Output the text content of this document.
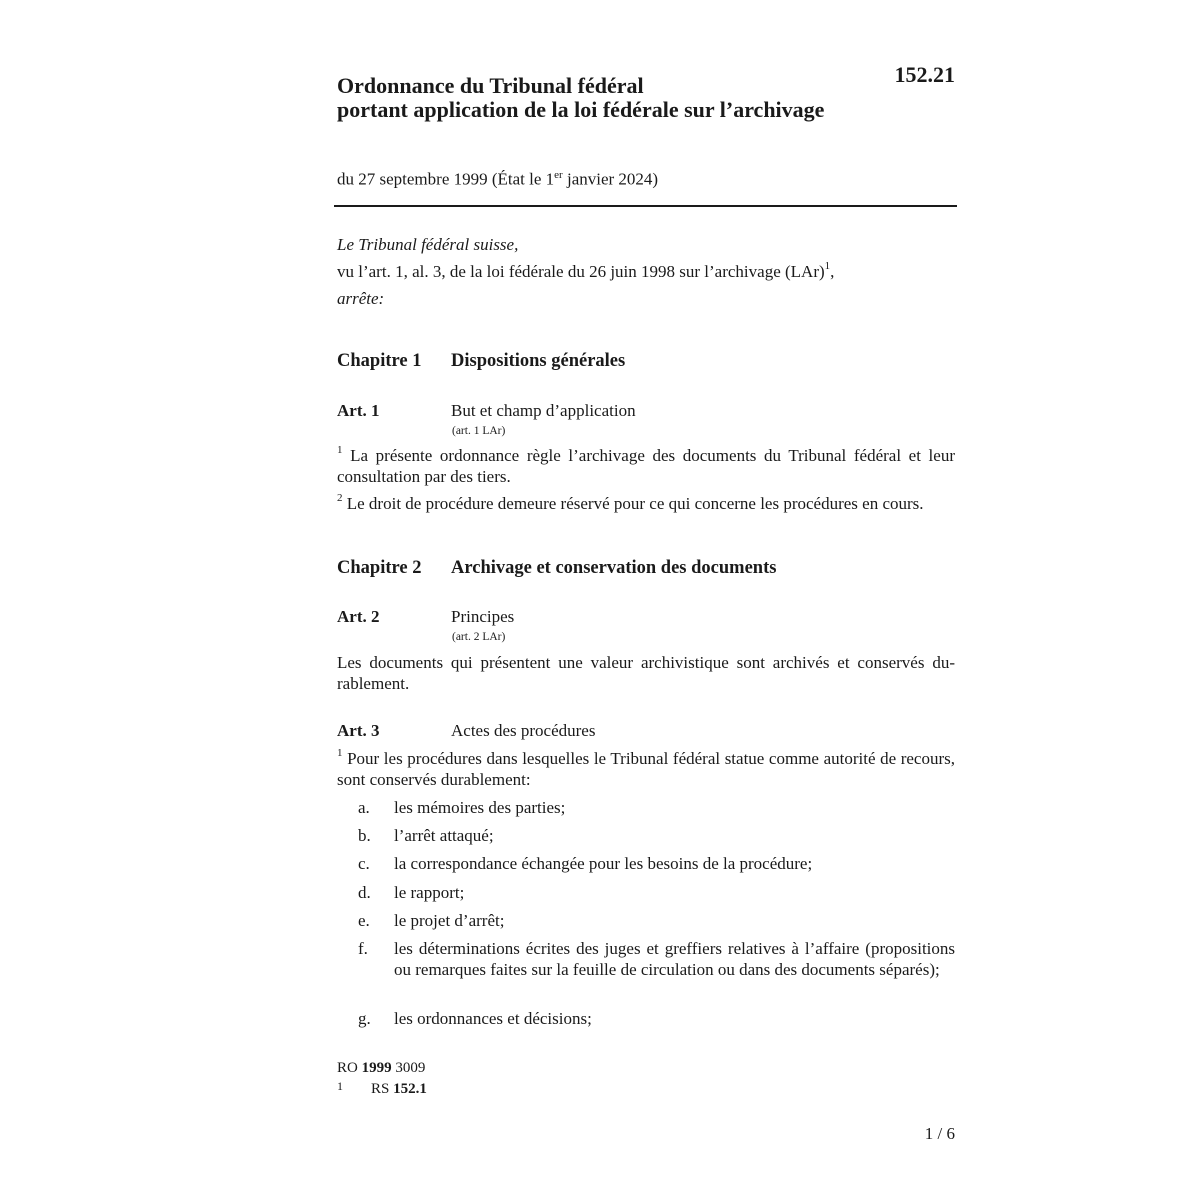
152.21
Ordonnance du Tribunal fédéral
portant application de la loi fédérale sur l’archivage
du 27 septembre 1999 (État le 1er janvier 2024)
Le Tribunal fédéral suisse,
vu l’art. 1, al. 3, de la loi fédérale du 26 juin 1998 sur l’archivage (LAr)$^1$,
arrête:
Chapitre 1 Dispositions générales
Art. 1	But et champ d’application
(art. 1 LAr)
$^1$ La présente ordonnance règle l’archivage des documents du Tribunal fédéral et leur consultation par des tiers.
$^2$ Le droit de procédure demeure réservé pour ce qui concerne les procédures en cours.
Chapitre 2 Archivage et conservation des documents
Art. 2	Principes
(art. 2 LAr)
Les documents qui présentent une valeur archivistique sont archivés et conservés durablement.
Art. 3	Actes des procédures
$^1$ Pour les procédures dans lesquelles le Tribunal fédéral statue comme autorité de recours, sont conservés durablement:
a. les mémoires des parties;
b. l’arrêt attaqué;
c. la correspondance échangée pour les besoins de la procédure;
d. le rapport;
e. le projet d’arrêt;
f. les déterminations écrites des juges et greffiers relatives à l’affaire (propositions ou remarques faites sur la feuille de circulation ou dans des documents séparés);
g. les ordonnances et décisions;
RO 1999 3009
1 RS 152.1
1 / 6
